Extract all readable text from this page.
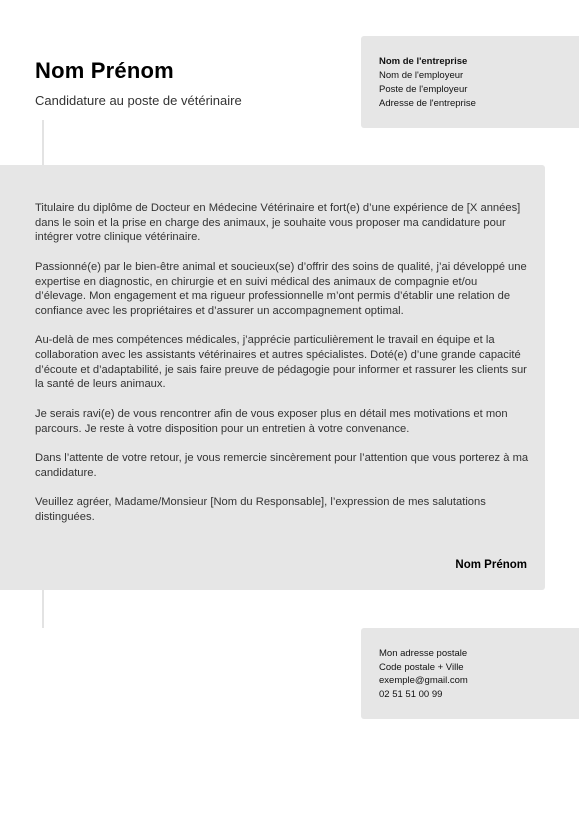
Nom Prénom
Candidature au poste de vétérinaire
Nom de l'entreprise
Nom de l'employeur
Poste de l'employeur
Adresse de l'entreprise

Titulaire du diplôme de Docteur en Médecine Vétérinaire et fort(e) d’une expérience de [X années] dans le soin et la prise en charge des animaux, je souhaite vous proposer ma candidature pour intégrer votre clinique vétérinaire.

Passionné(e) par le bien-être animal et soucieux(se) d’offrir des soins de qualité, j’ai développé une expertise en diagnostic, en chirurgie et en suivi médical des animaux de compagnie et/ou d’élevage. Mon engagement et ma rigueur professionnelle m’ont permis d’établir une relation de confiance avec les propriétaires et d’assurer un accompagnement optimal.

Au-delà de mes compétences médicales, j’apprécie particulièrement le travail en équipe et la collaboration avec les assistants vétérinaires et autres spécialistes. Doté(e) d’une grande capacité d’écoute et d’adaptabilité, je sais faire preuve de pédagogie pour informer et rassurer les clients sur la santé de leurs animaux.

Je serais ravi(e) de vous rencontrer afin de vous exposer plus en détail mes motivations et mon parcours. Je reste à votre disposition pour un entretien à votre convenance.

Dans l’attente de votre retour, je vous remercie sincèrement pour l’attention que vous porterez à ma candidature.

Veuillez agréer, Madame/Monsieur [Nom du Responsable], l’expression de mes salutations distinguées.

Nom Prénom
Mon adresse postale
Code postale + Ville
exemple@gmail.com
02 51 51 00 99
